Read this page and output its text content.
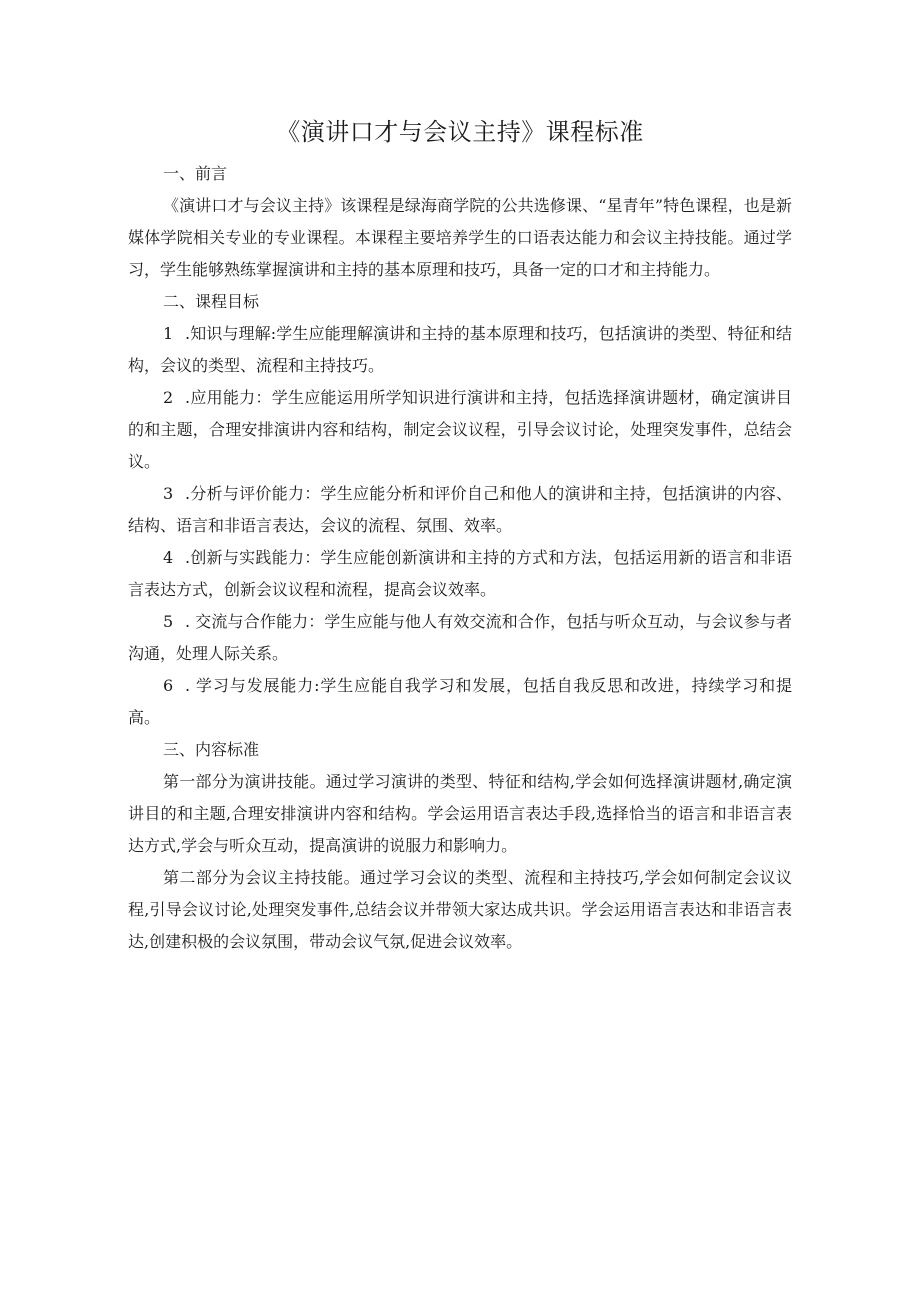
《演讲口才与会议主持》课程标准

一、前言

《演讲口才与会议主持》该课程是绿海商学院的公共选修课、“星青年”特色课程，也是新媒体学院相关专业的专业课程。本课程主要培养学生的口语表达能力和会议主持技能。通过学习，学生能够熟练掌握演讲和主持的基本原理和技巧，具备一定的口才和主持能力。

二、课程目标

1 .知识与理解:学生应能理解演讲和主持的基本原理和技巧，包括演讲的类型、特征和结构，会议的类型、流程和主持技巧。

2 .应用能力：学生应能运用所学知识进行演讲和主持，包括选择演讲题材，确定演讲目的和主题，合理安排演讲内容和结构，制定会议议程，引导会议讨论，处理突发事件，总结会议。

3 .分析与评价能力：学生应能分析和评价自己和他人的演讲和主持，包括演讲的内容、结构、语言和非语言表达，会议的流程、氛围、效率。

4 .创新与实践能力：学生应能创新演讲和主持的方式和方法，包括运用新的语言和非语言表达方式，创新会议议程和流程，提高会议效率。

5 . 交流与合作能力：学生应能与他人有效交流和合作，包括与听众互动，与会议参与者沟通，处理人际关系。

6 . 学习与发展能力:学生应能自我学习和发展，包括自我反思和改进，持续学习和提高。

三、内容标准

第一部分为演讲技能。通过学习演讲的类型、特征和结构,学会如何选择演讲题材,确定演讲目的和主题,合理安排演讲内容和结构。学会运用语言表达手段,选择恰当的语言和非语言表达方式,学会与听众互动，提高演讲的说服力和影响力。

第二部分为会议主持技能。通过学习会议的类型、流程和主持技巧,学会如何制定会议议程,引导会议讨论,处理突发事件,总结会议并带领大家达成共识。学会运用语言表达和非语言表达,创建积极的会议氛围，带动会议气氛,促进会议效率。
